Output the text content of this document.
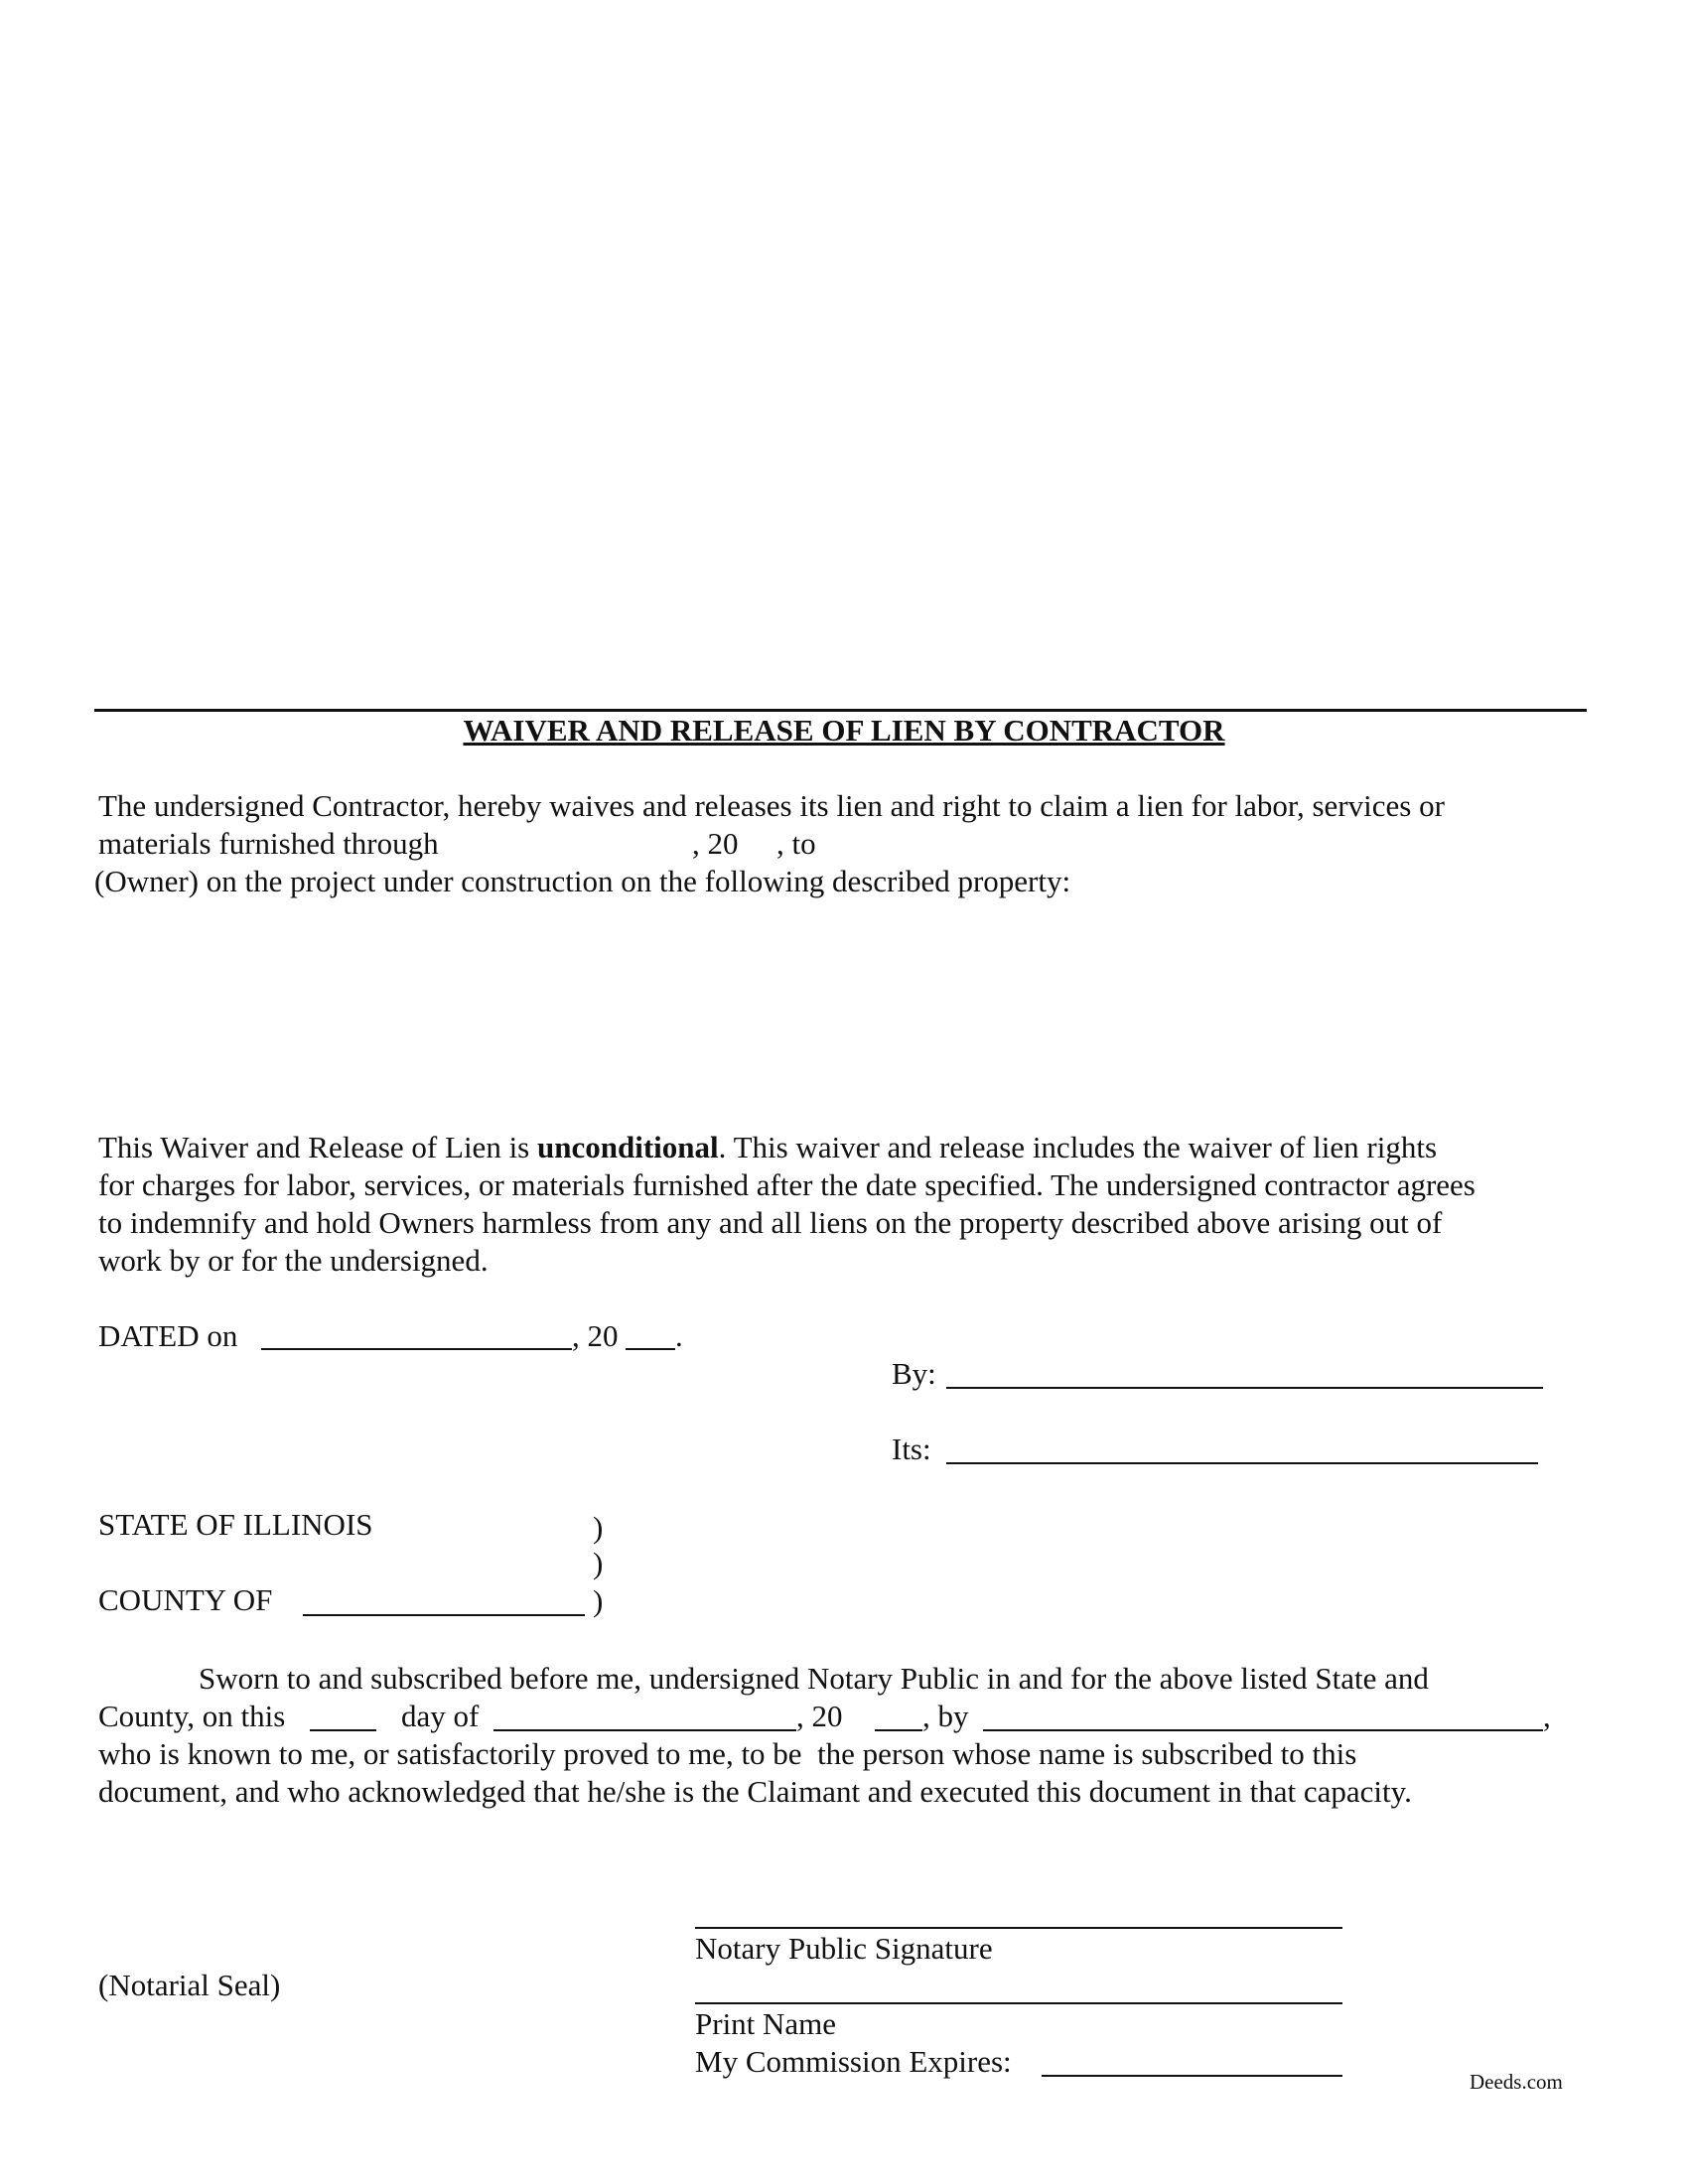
WAIVER AND RELEASE OF LIEN BY CONTRACTOR
The undersigned Contractor, hereby waives and releases its lien and right to claim a lien for labor, services or
materials furnished through	, 20 , to
(Owner) on the project under construction on the following described property:
This Waiver and Release of Lien is unconditional. This waiver and release includes the waiver of lien rights
for charges for labor, services, or materials furnished after the date specified. The undersigned contractor agrees
to indemnify and hold Owners harmless from any and all liens on the property described above arising out of
work by or for the undersigned.
DATED on	, 20 .
By:
Its:
STATE OF ILLINOIS	)
)
COUNTY OF	)
Sworn to and subscribed before me, undersigned Notary Public in and for the above listed State and
County, on this	day of	, 20	, by	,
who is known to me, or satisfactorily proved to me, to be  the person whose name is subscribed to this
document, and who acknowledged that he/she is the Claimant and executed this document in that capacity.
Notary Public Signature
(Notarial Seal)
Print Name
My Commission Expires:
Deeds.com
